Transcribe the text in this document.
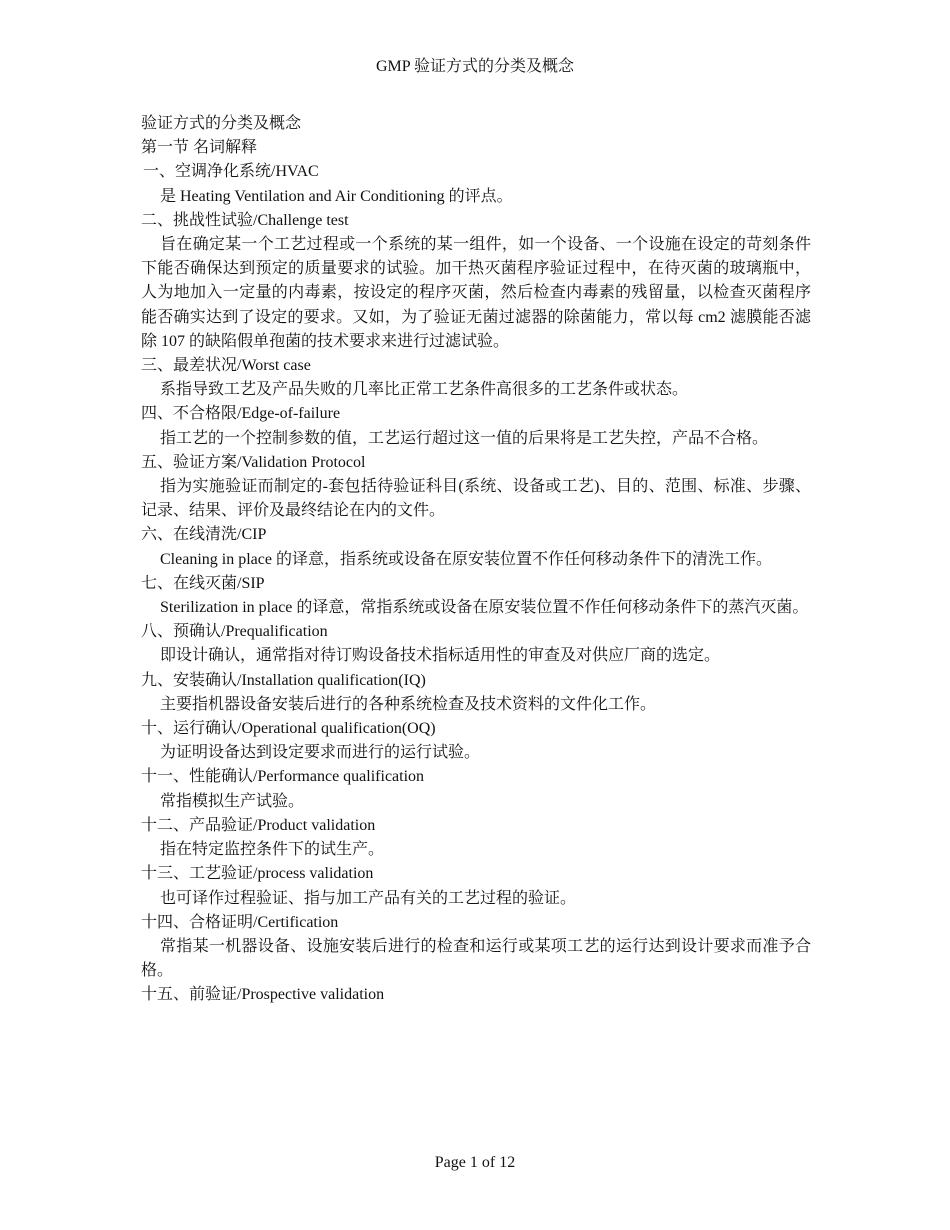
GMP 验证方式的分类及概念

验证方式的分类及概念

第一节 名词解释

一、空调净化系统/HVAC

是 Heating Ventilation and Air Conditioning 的评点。

二、挑战性试验/Challenge test

旨在确定某一个工艺过程或一个系统的某一组件，如一个设备、一个设施在设定的苛刻条件下能否确保达到预定的质量要求的试验。加干热灭菌程序验证过程中，在待灭菌的玻璃瓶中，人为地加入一定量的内毒素，按设定的程序灭菌，然后检查内毒素的残留量，以检查灭菌程序能否确实达到了设定的要求。又如，为了验证无菌过滤器的除菌能力，常以每 cm2 滤膜能否滤除 107 的缺陷假单孢菌的技术要求来进行过滤试验。

三、最差状况/Worst case

系指导致工艺及产品失败的几率比正常工艺条件高很多的工艺条件或状态。

四、不合格限/Edge-of-failure

指工艺的一个控制参数的值，工艺运行超过这一值的后果将是工艺失控，产品不合格。

五、验证方案/Validation Protocol

指为实施验证而制定的-套包括待验证科目(系统、设备或工艺)、目的、范围、标准、步骤、记录、结果、评价及最终结论在内的文件。

六、在线清洗/CIP

Cleaning in place 的译意，指系统或设备在原安装位置不作任何移动条件下的清洗工作。

七、在线灭菌/SIP

Sterilization in place 的译意，常指系统或设备在原安装位置不作任何移动条件下的蒸汽灭菌。

八、预确认/Prequalification

即设计确认，通常指对待订购设备技术指标适用性的审查及对供应厂商的选定。

九、安装确认/Installation qualification(IQ)

主要指机器设备安装后进行的各种系统检查及技术资料的文件化工作。

十、运行确认/Operational qualification(OQ)

为证明设备达到设定要求而进行的运行试验。

十一、性能确认/Performance qualification

常指模拟生产试验。

十二、产品验证/Product validation

指在特定监控条件下的试生产。

十三、工艺验证/process validation

也可译作过程验证、指与加工产品有关的工艺过程的验证。

十四、合格证明/Certification

常指某一机器设备、设施安装后进行的检查和运行或某项工艺的运行达到设计要求而准予合格。

十五、前验证/Prospective validation

Page 1 of 12
